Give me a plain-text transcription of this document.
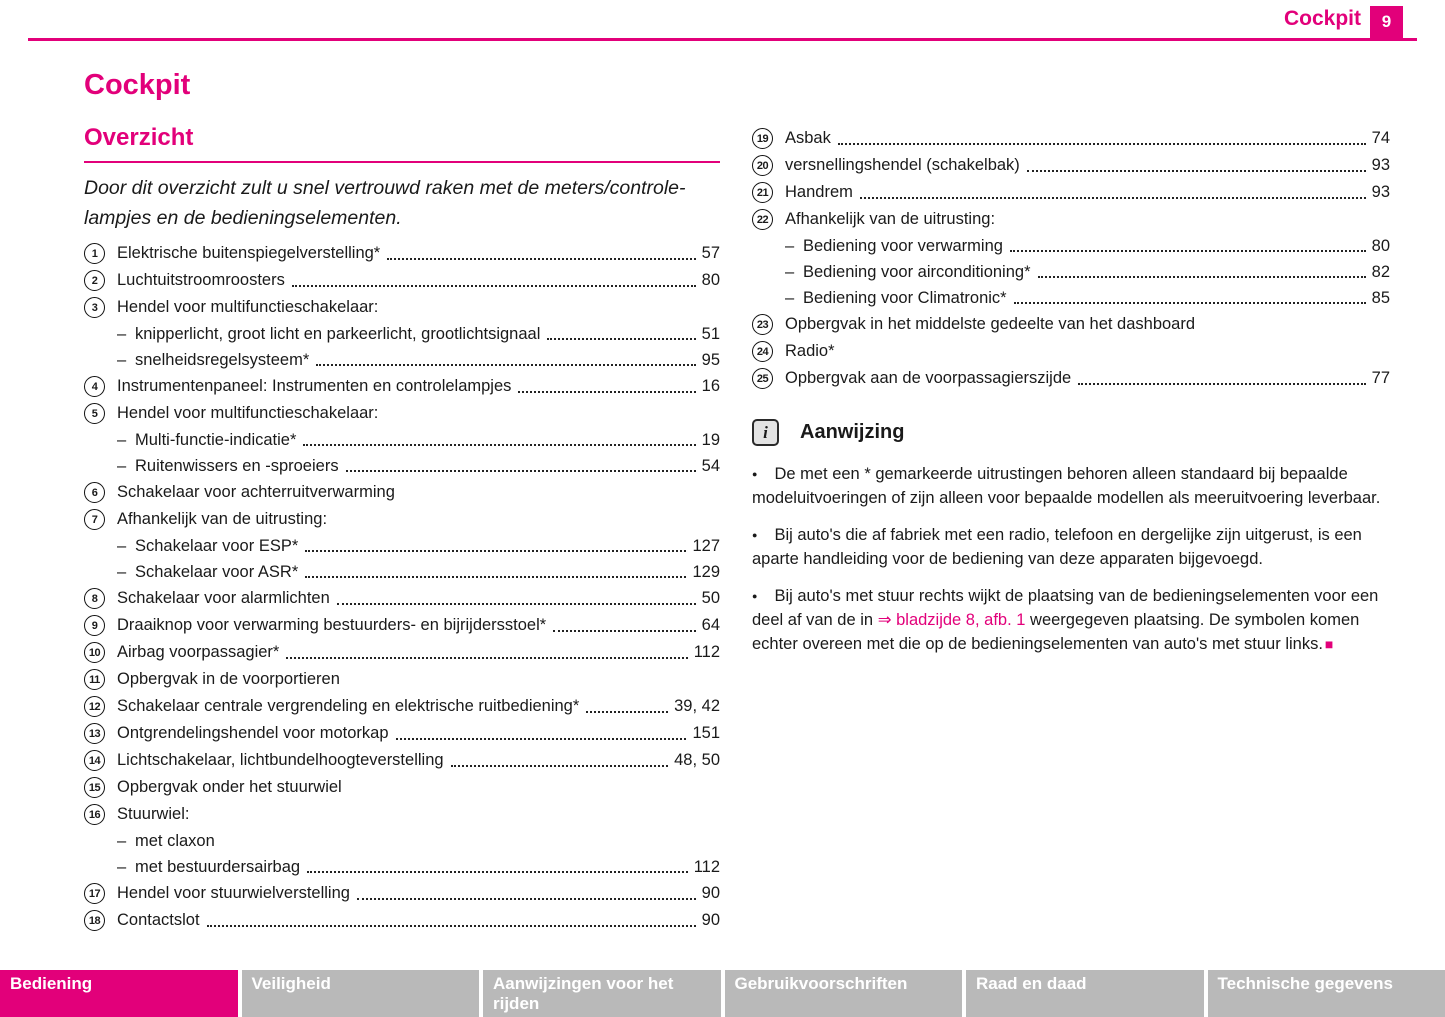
Cockpit	9
Cockpit
Overzicht

Door dit overzicht zult u snel vertrouwd raken met de meters/controle-lampjes en de bedieningselementen.

1	Elektrische buitenspiegelverstelling*	57
2	Luchtuitstroomroosters	80
3	Hendel voor multifunctieschakelaar:
– knipperlicht, groot licht en parkeerlicht, grootlichtsignaal	51
– snelheidsregelsysteem*	95
4	Instrumentenpaneel: Instrumenten en controlelampjes	16
5	Hendel voor multifunctieschakelaar:
– Multi-functie-indicatie*	19
– Ruitenwissers en -sproeiers	54
6	Schakelaar voor achterruitverwarming
7	Afhankelijk van de uitrusting:
– Schakelaar voor ESP*	127
– Schakelaar voor ASR*	129
8	Schakelaar voor alarmlichten	50
9	Draaiknop voor verwarming bestuurders- en bijrijdersstoel*	64
10 Airbag voorpassagier*	112
11	Opbergvak in de voorportieren
12 Schakelaar centrale vergrendeling en elektrische ruitbediening*	39, 42
13 Ontgrendelingshendel voor motorkap	151
14 Lichtschakelaar, lichtbundelhoogteverstelling	48, 50
15 Opbergvak onder het stuurwiel
16 Stuurwiel:
– met claxon
– met bestuurdersairbag	112
17 Hendel voor stuurwielverstelling	90
18 Contactslot	90
19 Asbak	74
20 versnellingshendel (schakelbak)	93
21 Handrem	93
22 Afhankelijk van de uitrusting:
– Bediening voor verwarming	80
– Bediening voor airconditioning*	82
– Bediening voor Climatronic*	85
23 Opbergvak in het middelste gedeelte van het dashboard
24 Radio*
25 Opbergvak aan de voorpassagierszijde	77
i	Aanwijzing

● De met een * gemarkeerde uitrustingen behoren alleen standaard bij bepaalde modeluitvoeringen of zijn alleen voor bepaalde modellen als meeruitvoering leverbaar.

● Bij auto's die af fabriek met een radio, telefoon en dergelijke zijn uitgerust, is een aparte handleiding voor de bediening van deze apparaten bijgevoegd.

● Bij auto's met stuur rechts wijkt de plaatsing van de bedieningselementen voor een deel af van de in ⇒ bladzijde 8, afb. 1 weergegeven plaatsing. De symbolen komen echter overeen met die op de bedieningselementen van auto's met stuur links. ■

Bediening	Veiligheid	Aanwijzingen voor het rijden
Gebruikvoorschriften	Raad en daad	Technische gegevens
